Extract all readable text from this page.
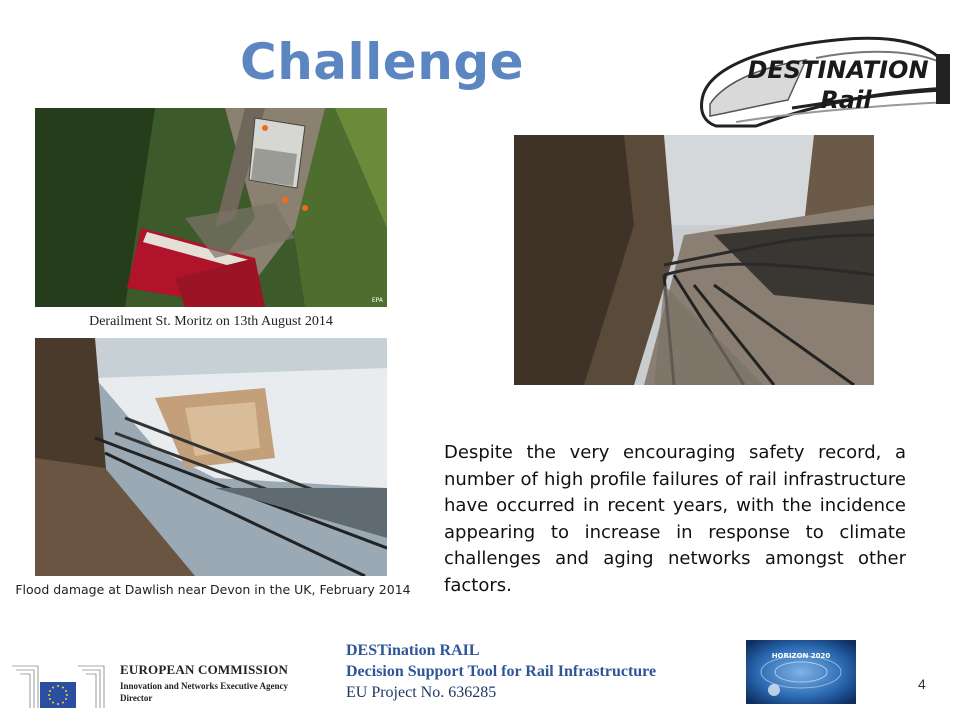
Challenge	DESTINATION
Rail
EPA
Derailment St. Moritz on 13th August 2014
Flood damage at Dawlish near Devon in the UK, February 2014
Despite the very encouraging safety record, a number of high profile failures of rail infrastructure have occurred in recent years, with the incidence appearing to increase in response to climate challenges and aging networks amongst other factors.
EUROPEAN COMMISSION
Innovation and Networks Executive Agency
Director
DESTination RAIL
Decision Support Tool for Rail Infrastructure
EU Project No. 636285
HORIZON 2020
4
